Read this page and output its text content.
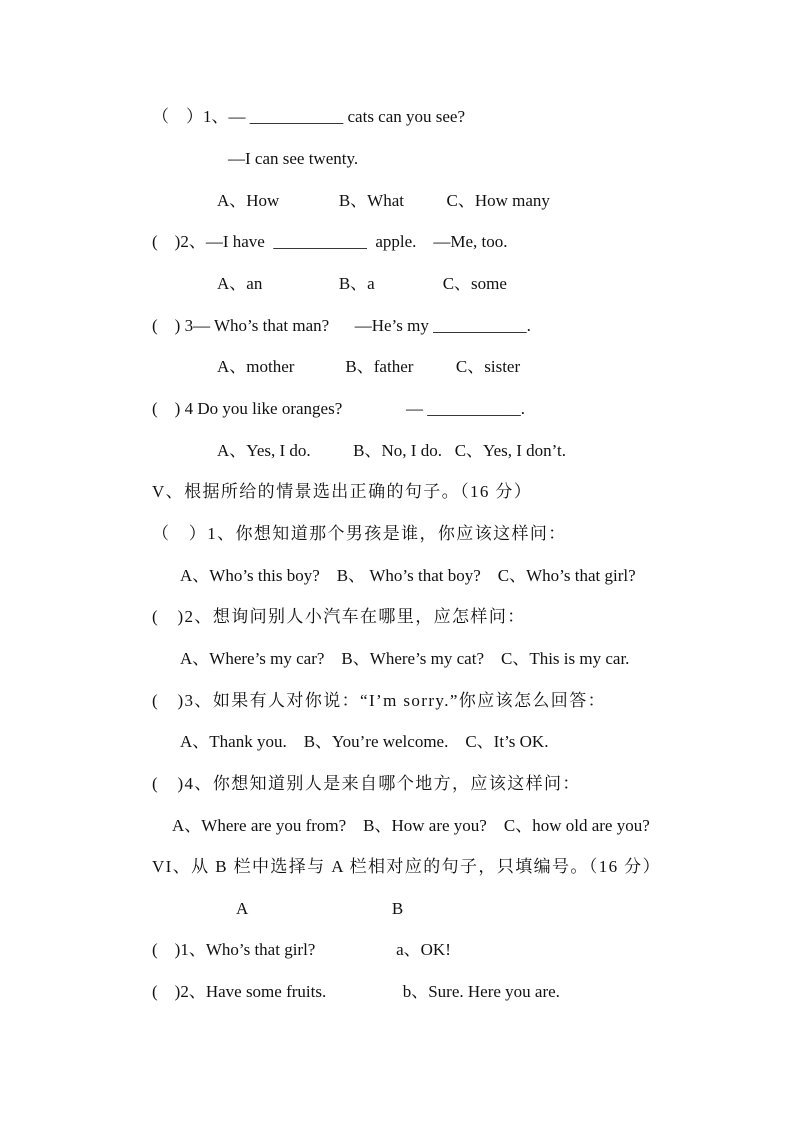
（　）1、— ___________ cats can you see?
—I can see twenty.
A、How              B、What          C、How many
(　)2、—I have  ___________  apple.    —Me, too.
A、an                  B、a                C、some
(　) 3— Who’s that man?      —He’s my ___________.
A、mother            B、father          C、sister
(　) 4 Do you like oranges?               — ___________.
A、Yes, I do.          B、No, I do.   C、Yes, I don’t.
V、根据所给的情景选出正确的句子。（16 分）
（　）1、你想知道那个男孩是谁，你应该这样问：
A、Who’s this boy?    B、 Who’s that boy?    C、Who’s that girl?
(　)2、想询问别人小汽车在哪里，应怎样问：
A、Where’s my car?    B、Where’s my cat?    C、This is my car.
(　)3、如果有人对你说：“I’m sorry.”你应该怎么回答：
A、Thank you.    B、You’re welcome.    C、It’s OK.
(　)4、你想知道别人是来自哪个地方，应该这样问：
A、Where are you from?    B、How are you?    C、how old are you?
VI、从 B 栏中选择与 A 栏相对应的句子，只填编号。（16 分）
A                                  B
(　)1、Who’s that girl?                   a、OK!
(　)2、Have some fruits.                  b、Sure. Here you are.
